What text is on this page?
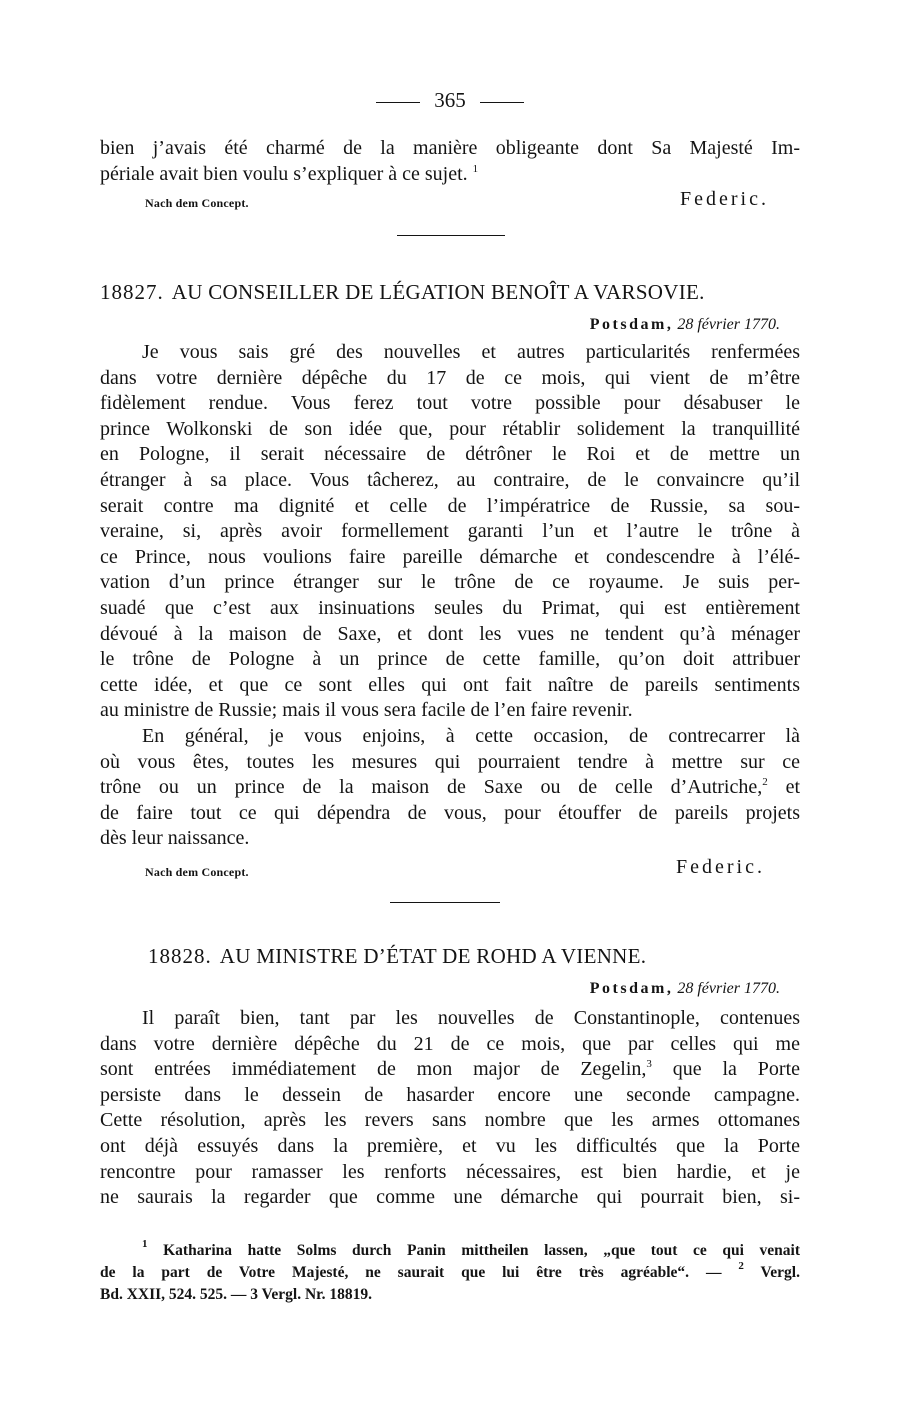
365
bien j’avais été charmé de la manière obligeante dont Sa Majesté Im-
périale avait bien voulu s’expliquer à ce sujet. $^1$
Nach dem Concept.	Federic.
18827. AU CONSEILLER DE LÉGATION BENOÎT A VARSOVIE.
Potsdam, 28 février 1770.
Je vous sais gré des nouvelles et autres particularités renfermées
dans votre dernière dépêche du 17 de ce mois, qui vient de m’être
fidèlement rendue. Vous ferez tout votre possible pour désabuser le
prince Wolkonski de son idée que, pour rétablir solidement la tranquillité
en Pologne, il serait nécessaire de détrôner le Roi et de mettre un
étranger à sa place. Vous tâcherez, au contraire, de le convaincre qu’il
serait contre ma dignité et celle de l’impératrice de Russie, sa sou-
veraine, si, après avoir formellement garanti l’un et l’autre le trône à
ce Prince, nous voulions faire pareille démarche et condescendre à l’élé-
vation d’un prince étranger sur le trône de ce royaume. Je suis per-
suadé que c’est aux insinuations seules du Primat, qui est entièrement
dévoué à la maison de Saxe, et dont les vues ne tendent qu’à ménager
le trône de Pologne à un prince de cette famille, qu’on doit attribuer
cette idée, et que ce sont elles qui ont fait naître de pareils sentiments
au ministre de Russie; mais il vous sera facile de l’en faire revenir.
En général, je vous enjoins, à cette occasion, de contrecarrer là
où vous êtes, toutes les mesures qui pourraient tendre à mettre sur ce
trône ou un prince de la maison de Saxe ou de celle d’Autriche,$^2$ et
de faire tout ce qui dépendra de vous, pour étouffer de pareils projets
dès leur naissance.
Nach dem Concept.	Federic.
18828. AU MINISTRE D’ÉTAT DE ROHD A VIENNE.
Potsdam, 28 février 1770.
Il paraît bien, tant par les nouvelles de Constantinople, contenues
dans votre dernière dépêche du 21 de ce mois, que par celles qui me
sont entrées immédiatement de mon major de Zegelin,$^3$ que la Porte
persiste dans le dessein de hasarder encore une seconde campagne.
Cette résolution, après les revers sans nombre que les armes ottomanes
ont déjà essuyés dans la première, et vu les difficultés que la Porte
rencontre pour ramasser les renforts nécessaires, est bien hardie, et je
ne saurais la regarder que comme une démarche qui pourrait bien, si-
$^1$ Katharina hatte Solms durch Panin mittheilen lassen, „que tout ce qui venait
de la part de Votre Majesté, ne saurait que lui être très agréable“. — $^2$ Vergl.
Bd. XXII, 524. 525. — 3 Vergl. Nr. 18819.
